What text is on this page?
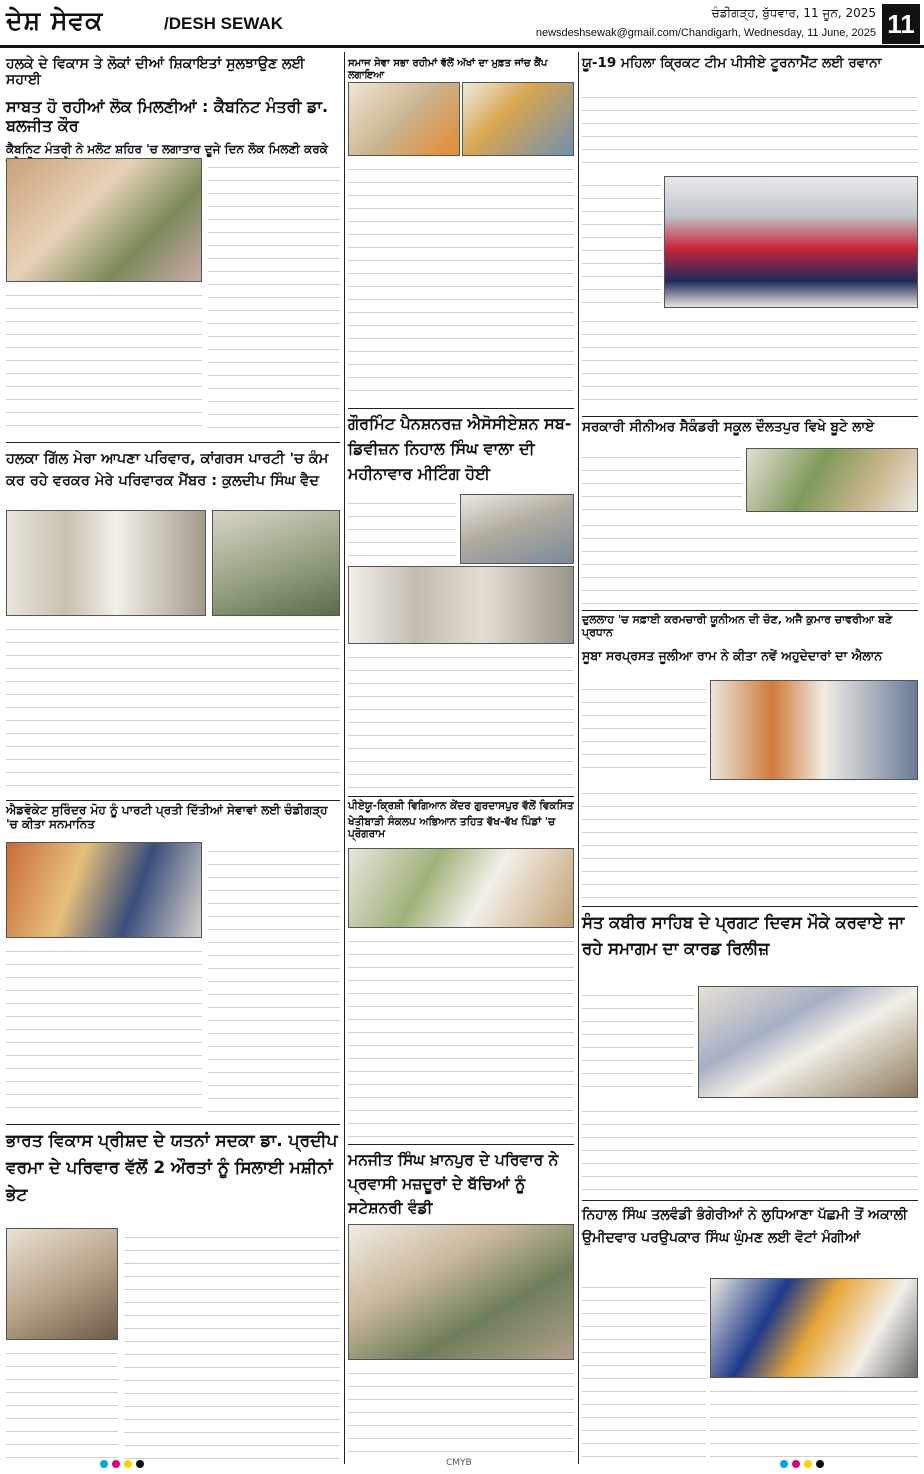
ਦੇਸ਼ ਸੇਵਕ	/DESH SEWAK
ਚੰਡੀਗੜ੍ਹ, ਬੁੱਧਵਾਰ, 11 ਜੂਨ, 2025
newsdeshsewak@gmail.com/Chandigarh, Wednesday, 11 June, 2025 11
ਹਲਕੇ ਦੇ ਵਿਕਾਸ ਤੇ ਲੋਕਾਂ ਦੀਆਂ ਸ਼ਿਕਾਇਤਾਂ ਸੁਲਝਾਉਣ ਲਈ ਸਹਾਈ
ਸਾਬਤ ਹੋ ਰਹੀਆਂ ਲੋਕ ਮਿਲਣੀਆਂ : ਕੈਬਨਿਟ ਮੰਤਰੀ ਡਾ. ਬਲਜੀਤ ਕੌਰ
ਕੈਬਨਿਟ ਮੰਤਰੀ ਨੇ ਮਲੋਟ ਸ਼ਹਿਰ 'ਚ ਲਗਾਤਾਰ ਦੂਜੇ ਦਿਨ ਲੋਕ ਮਿਲਣੀ ਕਰਕੇ
ਹਲਕਾ ਗਿੱਲ ਮੇਰਾ ਆਪਣਾ ਪਰਿਵਾਰ, ਕਾਂਗਰਸ ਪਾਰਟੀ 'ਚ ਕੰਮ ਕਰ ਰਹੇ ਵਰਕਰ ਮੇਰੇ ਪਰਿਵਾਰਕ ਮੈਂਬਰ : ਕੁਲਦੀਪ ਸਿੰਘ ਵੈਦ
ਐਡਵੋਕੇਟ ਸੁਰਿੰਦਰ ਮੋਹ ਨੂੰ ਪਾਰਟੀ ਪ੍ਰਤੀ ਦਿੱਤੀਆਂ ਸੇਵਾਵਾਂ ਲਈ ਚੰਡੀਗੜ੍ਹ 'ਚ ਕੀਤਾ ਸਨਮਾਨਿਤ
ਭਾਰਤ ਵਿਕਾਸ ਪ੍ਰੀਸ਼ਦ ਦੇ ਯਤਨਾਂ ਸਦਕਾ ਡਾ. ਪ੍ਰਦੀਪ ਵਰਮਾ ਦੇ ਪਰਿਵਾਰ ਵੱਲੋਂ 2 ਔਰਤਾਂ ਨੂੰ ਸਿਲਾਈ ਮਸ਼ੀਨਾਂ ਭੇਟ
ਸਮਾਜ ਸੇਵਾ ਸਭਾ ਰਹੀਮਾਂ ਵੱਲੋਂ ਅੱਖਾਂ ਦਾ ਮੁਫ਼ਤ ਜਾਂਚ ਕੈਂਪ ਲਗਾਇਆ
ਗੌਰਮਿੰਟ ਪੈਨਸ਼ਨਰਜ਼ ਐਸੋਸੀਏਸ਼ਨ ਸਬ-ਡਿਵੀਜ਼ਨ ਨਿਹਾਲ ਸਿੰਘ ਵਾਲਾ ਦੀ ਮਹੀਨਾਵਾਰ ਮੀਟਿੰਗ ਹੋਈ
ਪੀਏਯੂ-ਕ੍ਰਿਸ਼ੀ ਵਿਗਿਆਨ ਕੇਂਦਰ ਗੁਰਦਾਸਪੁਰ ਵੱਲੋਂ ਵਿਕਸਿਤ
ਖੇਤੀਬਾੜੀ ਸੰਕਲਪ ਅਭਿਆਨ ਤਹਿਤ ਵੱਖ-ਵੱਖ ਪਿੰਡਾਂ 'ਚ ਪ੍ਰੋਗਰਾਮ
ਮਨਜੀਤ ਸਿੰਘ ਖ਼ਾਨਪੁਰ ਦੇ ਪਰਿਵਾਰ ਨੇ ਪ੍ਰਵਾਸੀ ਮਜ਼ਦੂਰਾਂ ਦੇ ਬੱਚਿਆਂ ਨੂੰ ਸਟੇਸ਼ਨਰੀ ਵੰਡੀ
ਯੂ-19 ਮਹਿਲਾ ਕ੍ਰਿਕਟ ਟੀਮ ਪੀਸੀਏ ਟੂਰਨਾਮੈਂਟ ਲਈ ਰਵਾਨਾ
ਸਰਕਾਰੀ ਸੀਨੀਅਰ ਸੈਕੰਡਰੀ ਸਕੂਲ ਦੌਲਤਪੁਰ ਵਿਖੇ ਬੂਟੇ ਲਾਏ
ਦੁਲਲਾਹ 'ਚ ਸਫ਼ਾਈ ਕਰਮਚਾਰੀ ਯੂਨੀਅਨ ਦੀ ਚੋਣ, ਅਜੈ ਕੁਮਾਰ ਚਾਵਰੀਆ ਬਣੇ ਪ੍ਰਧਾਨ
ਸੂਬਾ ਸਰਪ੍ਰਸਤ ਜੂਲੀਆ ਰਾਮ ਨੇ ਕੀਤਾ ਨਵੇਂ ਅਹੁਦੇਦਾਰਾਂ ਦਾ ਐਲਾਨ
ਸੰਤ ਕਬੀਰ ਸਾਹਿਬ ਦੇ ਪ੍ਰਗਟ ਦਿਵਸ ਮੌਕੇ ਕਰਵਾਏ ਜਾ ਰਹੇ ਸਮਾਗਮ ਦਾ ਕਾਰਡ ਰਿਲੀਜ਼
ਨਿਹਾਲ ਸਿੰਘ ਤਲਵੰਡੀ ਭੰਗੇਰੀਆਂ ਨੇ ਲੁਧਿਆਣਾ ਪੱਛਮੀ ਤੋਂ ਅਕਾਲੀ ਉਮੀਦਵਾਰ ਪਰਉਪਕਾਰ ਸਿੰਘ ਘੁੰਮਣ ਲਈ ਵੋਟਾਂ ਮੰਗੀਆਂ
CMYB
